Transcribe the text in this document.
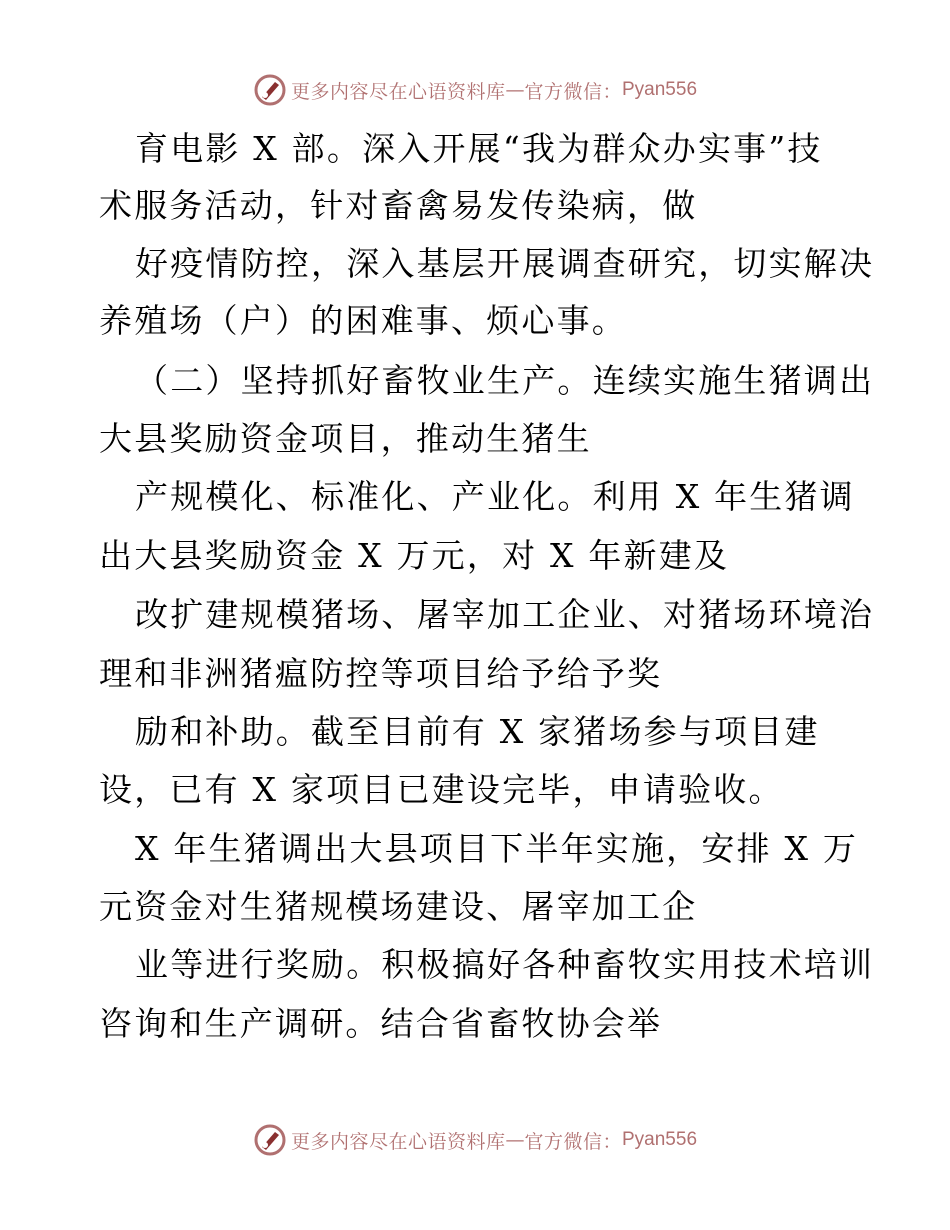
更多内容尽在心语资料库 — 官方微信： Pyan556
育电影 X 部。深入开展“我为群众办实事”技
术服务活动，针对畜禽易发传染病，做
好疫情防控，深入基层开展调查研究，切实解决
养殖场（户）的困难事、烦心事。
（二）坚持抓好畜牧业生产。连续实施生猪调出
大县奖励资金项目，推动生猪生
产规模化、标准化、产业化。利用 X 年生猪调
出大县奖励资金 X 万元，对 X 年新建及
改扩建规模猪场、屠宰加工企业、对猪场环境治
理和非洲猪瘟防控等项目给予给予奖
励和补助。截至目前有 X 家猪场参与项目建
设，已有 X 家项目已建设完毕，申请验收。
X 年生猪调出大县项目下半年实施，安排 X 万
元资金对生猪规模场建设、屠宰加工企
业等进行奖励。积极搞好各种畜牧实用技术培训
咨询和生产调研。结合省畜牧协会举
更多内容尽在心语资料库 — 官方微信： Pyan556
